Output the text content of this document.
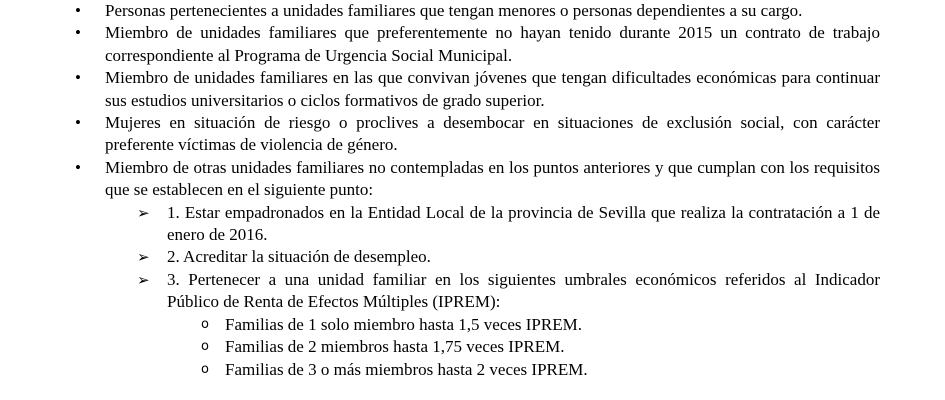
• Personas pertenecientes a unidades familiares que tengan menores o personas dependientes a su cargo.
• Miembro de unidades familiares que preferentemente no hayan tenido durante 2015 un contrato de trabajo correspondiente al Programa de Urgencia Social Municipal.
• Miembro de unidades familiares en las que convivan jóvenes que tengan dificultades económicas para continuar sus estudios universitarios o ciclos formativos de grado superior.
• Mujeres en situación de riesgo o proclives a desembocar en situaciones de exclusión social, con carácter preferente víctimas de violencia de género.
• Miembro de otras unidades familiares no contempladas en los puntos anteriores y que cumplan con los requisitos que se establecen en el siguiente punto:
➢ 1. Estar empadronados en la Entidad Local de la provincia de Sevilla que realiza la contratación a 1 de enero de 2016.
➢ 2. Acreditar la situación de desempleo.
➢ 3. Pertenecer a una unidad familiar en los siguientes umbrales económicos referidos al Indicador Público de Renta de Efectos Múltiples (IPREM):
o Familias de 1 solo miembro hasta 1,5 veces IPREM.
o Familias de 2 miembros hasta 1,75 veces IPREM.
o Familias de 3 o más miembros hasta 2 veces IPREM.
